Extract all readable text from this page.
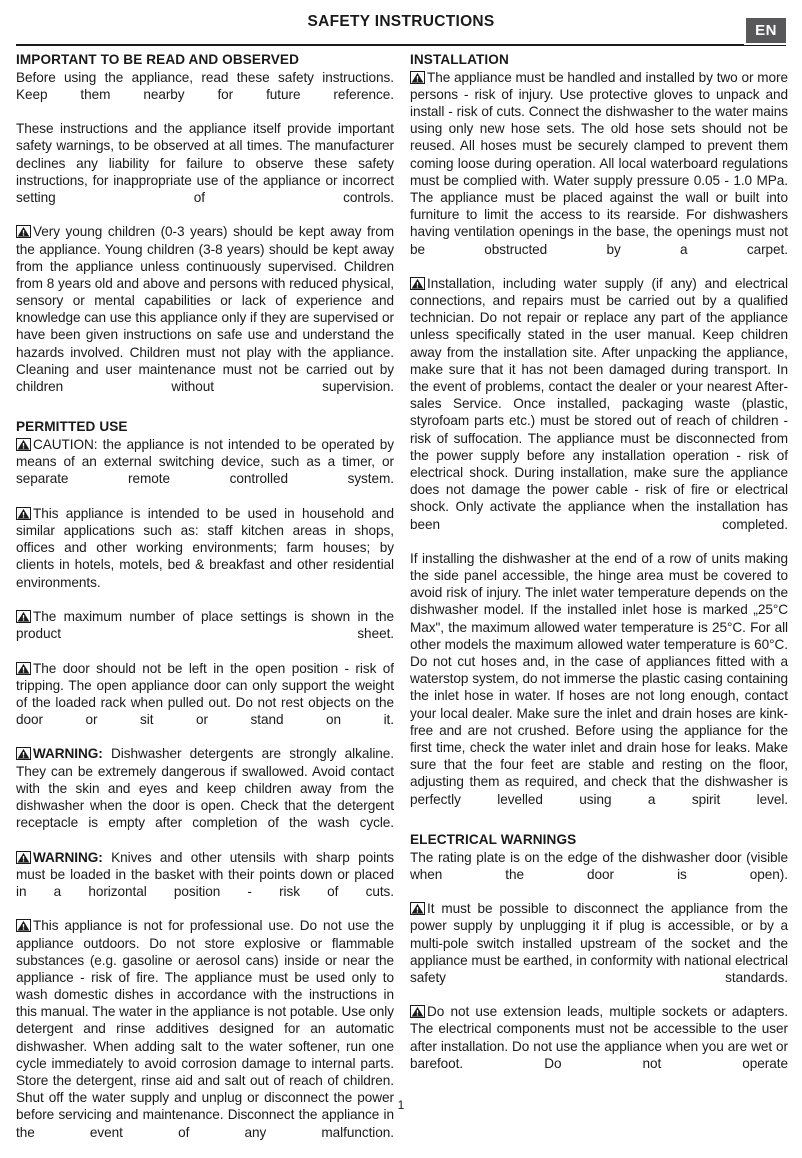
SAFETY INSTRUCTIONS
EN
IMPORTANT TO BE READ AND OBSERVED

Before using the appliance, read these safety instructions. Keep them nearby for future reference.

These instructions and the appliance itself provide important safety warnings, to be observed at all times. The manufacturer declines any liability for failure to observe these safety instructions, for inappropriate use of the appliance or incorrect setting of controls.

Very young children (0-3 years) should be kept away from the appliance. Young children (3-8 years) should be kept away from the appliance unless continuously supervised. Children from 8 years old and above and persons with reduced physical, sensory or mental capabilities or lack of experience and knowledge can use this appliance only if they are supervised or have been given instructions on safe use and understand the hazards involved. Children must not play with the appliance. Cleaning and user maintenance must not be carried out by children without supervision.

PERMITTED USE

CAUTION: the appliance is not intended to be operated by means of an external switching device, such as a timer, or separate remote controlled system.

This appliance is intended to be used in household and similar applications such as: staff kitchen areas in shops, offices and other working environments; farm houses; by clients in hotels, motels, bed & breakfast and other residential environments.

The maximum number of place settings is shown in the product sheet.

The door should not be left in the open position - risk of tripping. The open appliance door can only support the weight of the loaded rack when pulled out. Do not rest objects on the door or sit or stand on it.

WARNING: Dishwasher detergents are strongly alkaline. They can be extremely dangerous if swallowed. Avoid contact with the skin and eyes and keep children away from the dishwasher when the door is open. Check that the detergent receptacle is empty after completion of the wash cycle.

WARNING: Knives and other utensils with sharp points must be loaded in the basket with their points down or placed in a horizontal position - risk of cuts.

This appliance is not for professional use. Do not use the appliance outdoors. Do not store explosive or flammable substances (e.g. gasoline or aerosol cans) inside or near the appliance - risk of fire. The appliance must be used only to wash domestic dishes in accordance with the instructions in this manual. The water in the appliance is not potable. Use only detergent and rinse additives designed for an automatic dishwasher. When adding salt to the water softener, run one cycle immediately to avoid corrosion damage to internal parts. Store the detergent, rinse aid and salt out of reach of children. Shut off the water supply and unplug or disconnect the power before servicing and maintenance. Disconnect the appliance in the event of any malfunction.

INSTALLATION

The appliance must be handled and installed by two or more persons - risk of injury. Use protective gloves to unpack and install - risk of cuts. Connect the dishwasher to the water mains using only new hose sets. The old hose sets should not be reused. All hoses must be securely clamped to prevent them coming loose during operation. All local waterboard regulations must be complied with. Water supply pressure 0.05 - 1.0 MPa. The appliance must be placed against the wall or built into furniture to limit the access to its rearside. For dishwashers having ventilation openings in the base, the openings must not be obstructed by a carpet.

Installation, including water supply (if any) and electrical connections, and repairs must be carried out by a qualified technician. Do not repair or replace any part of the appliance unless specifically stated in the user manual. Keep children away from the installation site. After unpacking the appliance, make sure that it has not been damaged during transport. In the event of problems, contact the dealer or your nearest After-sales Service. Once installed, packaging waste (plastic, styrofoam parts etc.) must be stored out of reach of children - risk of suffocation. The appliance must be disconnected from the power supply before any installation operation - risk of electrical shock. During installation, make sure the appliance does not damage the power cable - risk of fire or electrical shock. Only activate the appliance when the installation has been completed.

If installing the dishwasher at the end of a row of units making the side panel accessible, the hinge area must be covered to avoid risk of injury. The inlet water temperature depends on the dishwasher model. If the installed inlet hose is marked „25°C Max", the maximum allowed water temperature is 25°C. For all other models the maximum allowed water temperature is 60°C. Do not cut hoses and, in the case of appliances fitted with a waterstop system, do not immerse the plastic casing containing the inlet hose in water. If hoses are not long enough, contact your local dealer. Make sure the inlet and drain hoses are kink-free and are not crushed. Before using the appliance for the first time, check the water inlet and drain hose for leaks. Make sure that the four feet are stable and resting on the floor, adjusting them as required, and check that the dishwasher is perfectly levelled using a spirit level.

ELECTRICAL WARNINGS

The rating plate is on the edge of the dishwasher door (visible when the door is open).

It must be possible to disconnect the appliance from the power supply by unplugging it if plug is accessible, or by a multi-pole switch installed upstream of the socket and the appliance must be earthed, in conformity with national electrical safety standards.

Do not use extension leads, multiple sockets or adapters. The electrical components must not be accessible to the user after installation. Do not use the appliance when you are wet or barefoot. Do not operate

1
